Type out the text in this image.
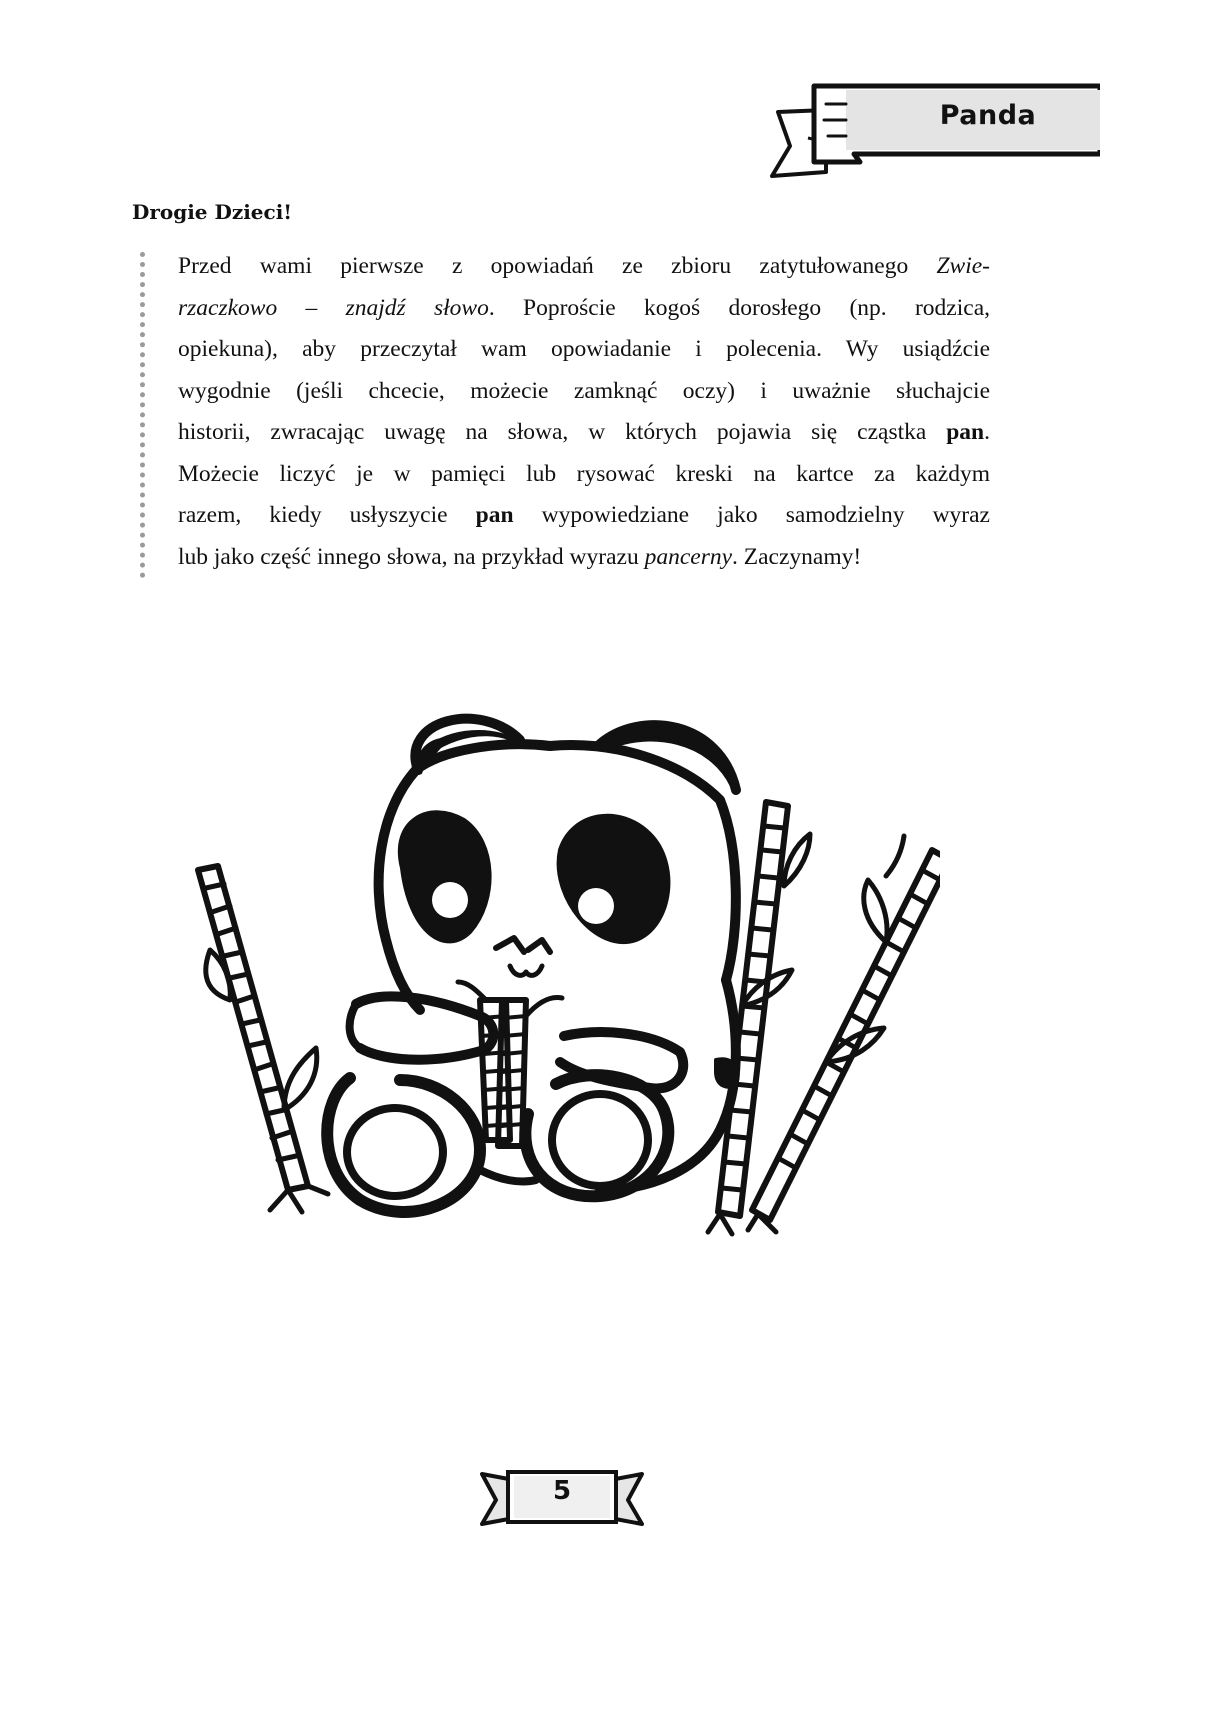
Panda
Drogie Dzieci!

Przed wami pierwsze z opowiadań ze zbioru zatytułowanego Zwie-
rzaczkowo – znajdź słowo. Poproście kogoś dorosłego (np. rodzica,
opiekuna), aby przeczytał wam opowiadanie i polecenia. Wy usiądźcie
wygodnie (jeśli chcecie, możecie zamknąć oczy) i uważnie słuchajcie
historii, zwracając uwagę na słowa, w których pojawia się cząstka pan.
Możecie liczyć je w pamięci lub rysować kreski na kartce za każdym
razem, kiedy usłyszycie pan wypowiedziane jako samodzielny wyraz
lub jako część innego słowa, na przykład wyrazu pancerny. Zaczynamy!

5
